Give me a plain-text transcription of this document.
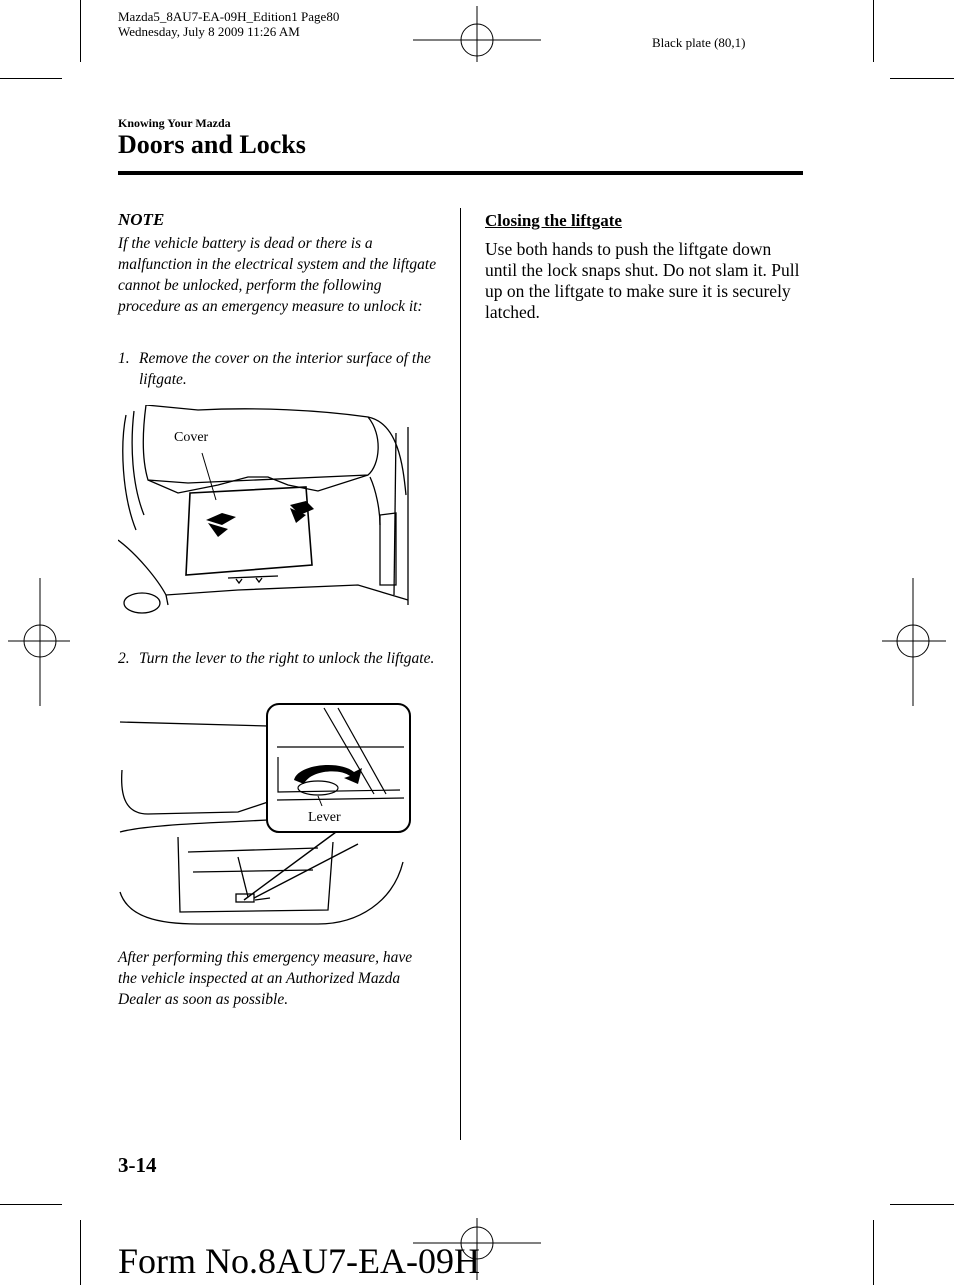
Mazda5_8AU7-EA-09H_Edition1 Page80
Wednesday, July 8 2009 11:26 AM
Black plate (80,1)
Knowing Your Mazda
Doors and Locks
NOTE
If the vehicle battery is dead or there is a malfunction in the electrical system and the liftgate cannot be unlocked, perform the following procedure as an emergency measure to unlock it:
1. Remove the cover on the interior surface of the liftgate.
Cover
2. Turn the lever to the right to unlock the liftgate.
Lever
After performing this emergency measure, have the vehicle inspected at an Authorized Mazda Dealer as soon as possible.
Closing the liftgate
Use both hands to push the liftgate down until the lock snaps shut. Do not slam it. Pull up on the liftgate to make sure it is securely latched.
3-14
Form No.8AU7-EA-09H
